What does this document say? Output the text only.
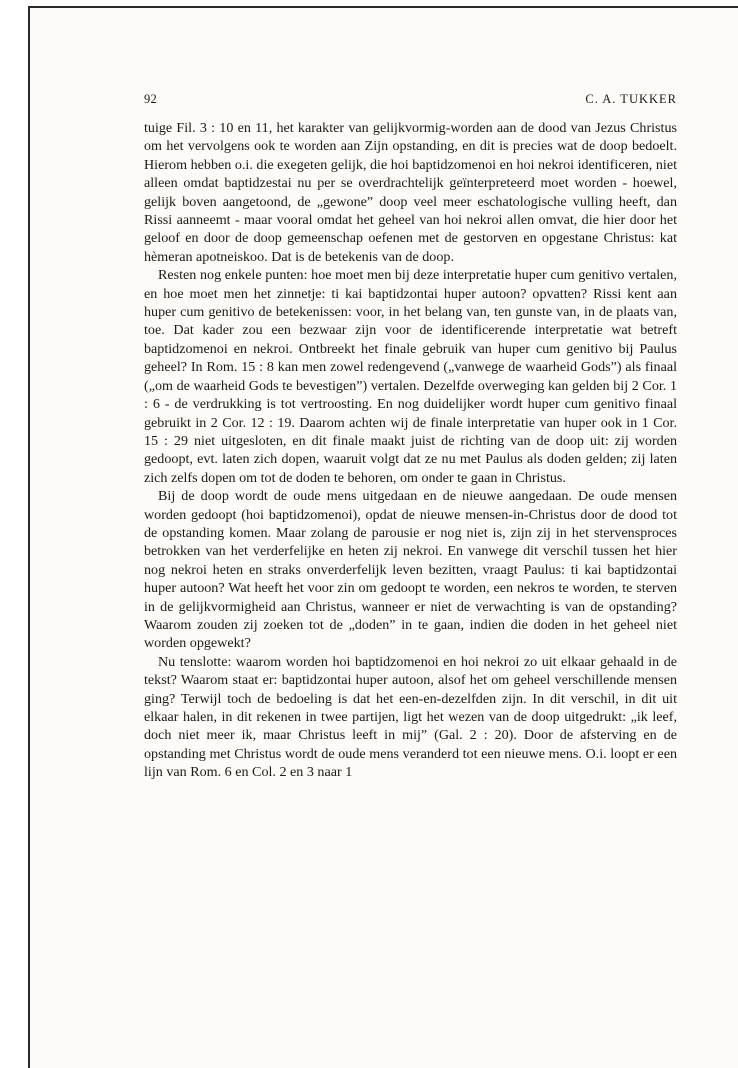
92	C. A. TUKKER

tuige Fil. 3 : 10 en 11, het karakter van gelijkvormig-worden aan de dood van Jezus Christus om het vervolgens ook te worden aan Zijn opstanding, en dit is precies wat de doop bedoelt. Hierom hebben o.i. die exegeten gelijk, die hoi baptidzomenoi en hoi nekroi identificeren, niet alleen omdat baptidzestai nu per se overdrachtelijk geïnterpreteerd moet worden - hoewel, gelijk boven aangetoond, de „gewone” doop veel meer eschatologische vulling heeft, dan Rissi aanneemt - maar vooral omdat het geheel van hoi nekroi allen omvat, die hier door het geloof en door de doop gemeenschap oefenen met de gestorven en opgestane Christus: kat hèmeran apotneiskoo. Dat is de betekenis van de doop.

Resten nog enkele punten: hoe moet men bij deze interpretatie huper cum genitivo vertalen, en hoe moet men het zinnetje: ti kai baptidzontai huper autoon? opvatten? Rissi kent aan huper cum genitivo de betekenissen: voor, in het belang van, ten gunste van, in de plaats van, toe. Dat kader zou een bezwaar zijn voor de identificerende interpretatie wat betreft baptidzomenoi en nekroi. Ontbreekt het finale gebruik van huper cum genitivo bij Paulus geheel? In Rom. 15 : 8 kan men zowel redengevend („vanwege de waarheid Gods”) als finaal („om de waarheid Gods te bevestigen”) vertalen. Dezelfde overweging kan gelden bij 2 Cor. 1 : 6 - de verdrukking is tot vertroosting. En nog duidelijker wordt huper cum genitivo finaal gebruikt in 2 Cor. 12 : 19. Daarom achten wij de finale interpretatie van huper ook in 1 Cor. 15 : 29 niet uitgesloten, en dit finale maakt juist de richting van de doop uit: zij worden gedoopt, evt. laten zich dopen, waaruit volgt dat ze nu met Paulus als doden gelden; zij laten zich zelfs dopen om tot de doden te behoren, om onder te gaan in Christus.

Bij de doop wordt de oude mens uitgedaan en de nieuwe aangedaan. De oude mensen worden gedoopt (hoi baptidzomenoi), opdat de nieuwe mensen-in-Christus door de dood tot de opstanding komen. Maar zolang de parousie er nog niet is, zijn zij in het stervensproces betrokken van het verderfelijke en heten zij nekroi. En vanwege dit verschil tussen het hier nog nekroi heten en straks onverderfelijk leven bezitten, vraagt Paulus: ti kai baptidzontai huper autoon? Wat heeft het voor zin om gedoopt te worden, een nekros te worden, te sterven in de gelijkvormigheid aan Christus, wanneer er niet de verwachting is van de opstanding? Waarom zouden zij zoeken tot de „doden” in te gaan, indien die doden in het geheel niet worden opgewekt?

Nu tenslotte: waarom worden hoi baptidzomenoi en hoi nekroi zo uit elkaar gehaald in de tekst? Waarom staat er: baptidzontai huper autoon, alsof het om geheel verschillende mensen ging? Terwijl toch de bedoeling is dat het een-en-dezelfden zijn. In dit verschil, in dit uit elkaar halen, in dit rekenen in twee partijen, ligt het wezen van de doop uitgedrukt: „ik leef, doch niet meer ik, maar Christus leeft in mij” (Gal. 2 : 20). Door de afsterving en de opstanding met Christus wordt de oude mens veranderd tot een nieuwe mens. O.i. loopt er een lijn van Rom. 6 en Col. 2 en 3 naar 1
